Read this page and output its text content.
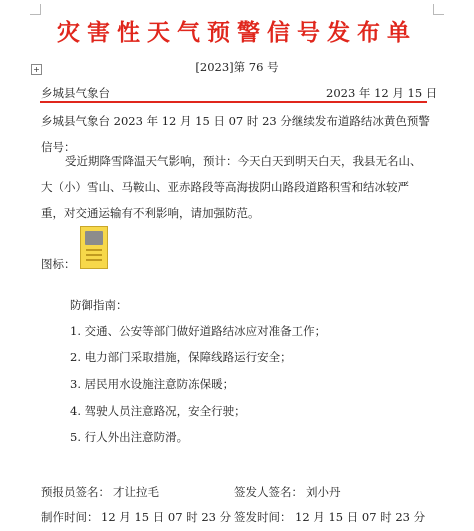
灾害性天气预警信号发布单
+	[2023]第 76 号
乡城县气象台	2023 年 12 月 15 日
乡城县气象台 2023 年 12 月 15 日 07 时 23 分继续发布道路结冰黄色预警信号：
受近期降雪降温天气影响，预计：今天白天到明天白天，我县无名山、大（小）雪山、马鞍山、亚赤路段等高海拔阴山路段道路积雪和结冰较严重，对交通运输有不利影响，请加强防范。
图标：
防御指南：
1. 交通、公安等部门做好道路结冰应对准备工作；
2. 电力部门采取措施，保障线路运行安全；
3. 居民用水设施注意防冻保暖；
4. 驾驶人员注意路况，安全行驶；
5. 行人外出注意防滑。
预报员签名： 才让拉毛	签发人签名： 刘小丹
制作时间： 12 月 15 日 07 时 23 分 签发时间： 12 月 15 日 07 时 23 分
